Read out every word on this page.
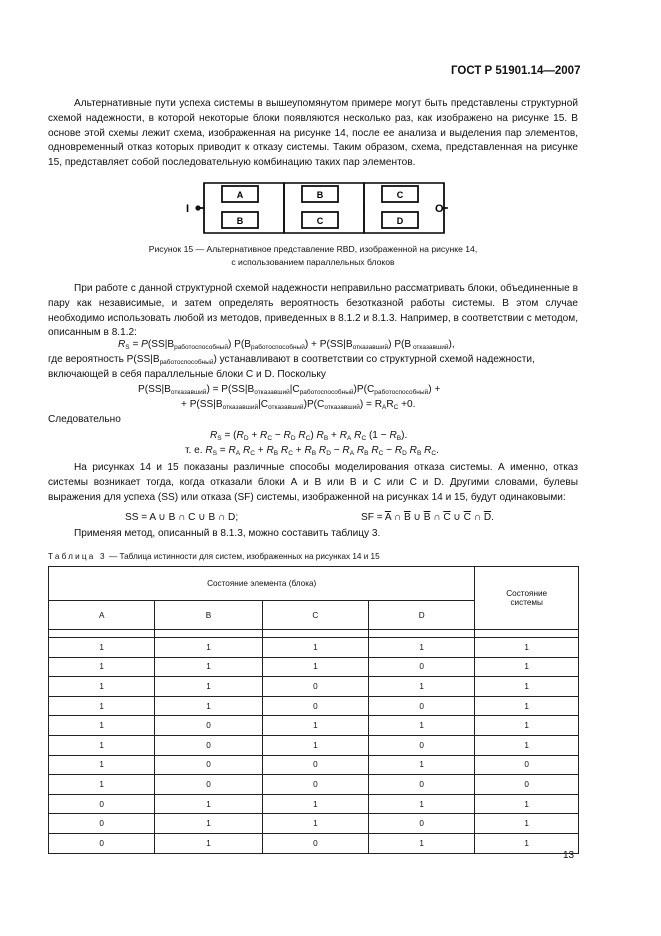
ГОСТ Р 51901.14—2007
Альтернативные пути успеха системы в вышеупомянутом примере могут быть представлены структурной схемой надежности, в которой некоторые блоки появляются несколько раз, как изображено на рисунке 15. В основе этой схемы лежит схема, изображенная на рисунке 14, после ее анализа и выделения пар элементов, одновременный отказ которых приводит к отказу системы. Таким образом, схема, представленная на рисунке 15, представляет собой последовательную комбинацию таких пар элементов.
I	O
A
B
B
C
C
D
Рисунок 15 — Альтернативное представление RBD, изображенной на рисунке 14,
с использованием параллельных блоков
При работе с данной структурной схемой надежности неправильно рассматривать блоки, объединенные в пару как независимые, и затем определять вероятность безотказной работы системы. В этом случае необходимо использовать любой из методов, приведенных в 8.1.2 и 8.1.3. Например, в соответствии с методом, описанным в 8.1.2:
$R_S = P(SS|B_{работоспособный}) P(B_{работоспособный}) + P(SS|B_{отказавший})$ P(B $_{отказавший}$),
где вероятность $P(SS|B_{работоспособный})$ устанавливают в соответствии со структурной схемой надежности,
включающей в себя параллельные блоки C и D. Поскольку
$P(SS|B_{отказавший}) = P(SS|B_{отказавший}|C_{работоспособный})P(C_{работоспособный})$ +
+ $P(SS|B_{отказавший}|C_{отказавший})P(C_{отказавший}) = R_AR_C +0$.
Следовательно
$R_S = (R_D + R_C - R_D$ $R_C$) $R_B + R_A$ $R_C$ $(1 - R_B)$.
т. е. $R_S = R_A$ $R_C + R_B$ $R_C + R_B$ $R_D - R_A$ $R_B$ $R_C - R_D$ $R_B$ $R_C$.
На рисунках 14 и 15 показаны различные способы моделирования отказа системы. А именно, отказ системы возникает тогда, когда отказали блоки А и В или В и С или С и D. Другими словами, булевы выражения для успеха (SS) или отказа (SF) системы, изображенной на рисунках 14 и 15, будут одинаковыми:
SS = A ∪ B ∩ C ∪ B ∩ D;	SF = $\overline{A}$ ∩ $\overline{B}$ ∪ $\overline{B}$ ∩ $\overline{C}$ ∪ $\overline{C}$ ∩ $\overline{D}$.
Применяя метод, описанный в 8.1.3, можно составить таблицу 3.
Таблица 3 — Таблица истинности для систем, изображенных на рисунках 14 и 15
Состояние элемента (блока)				Состояние
системы

A	B	C	D	

1	1	1	1	1
1	1	1	0	1
1	1	0	1	1
1	1	0	0	1
1	0	1	1	1
1	0	1	0	1
1	0	0	1	0
1	0	0	0	0
0	1	1	1	1
0	1	1	0	1
0	1	0	1	1
13
